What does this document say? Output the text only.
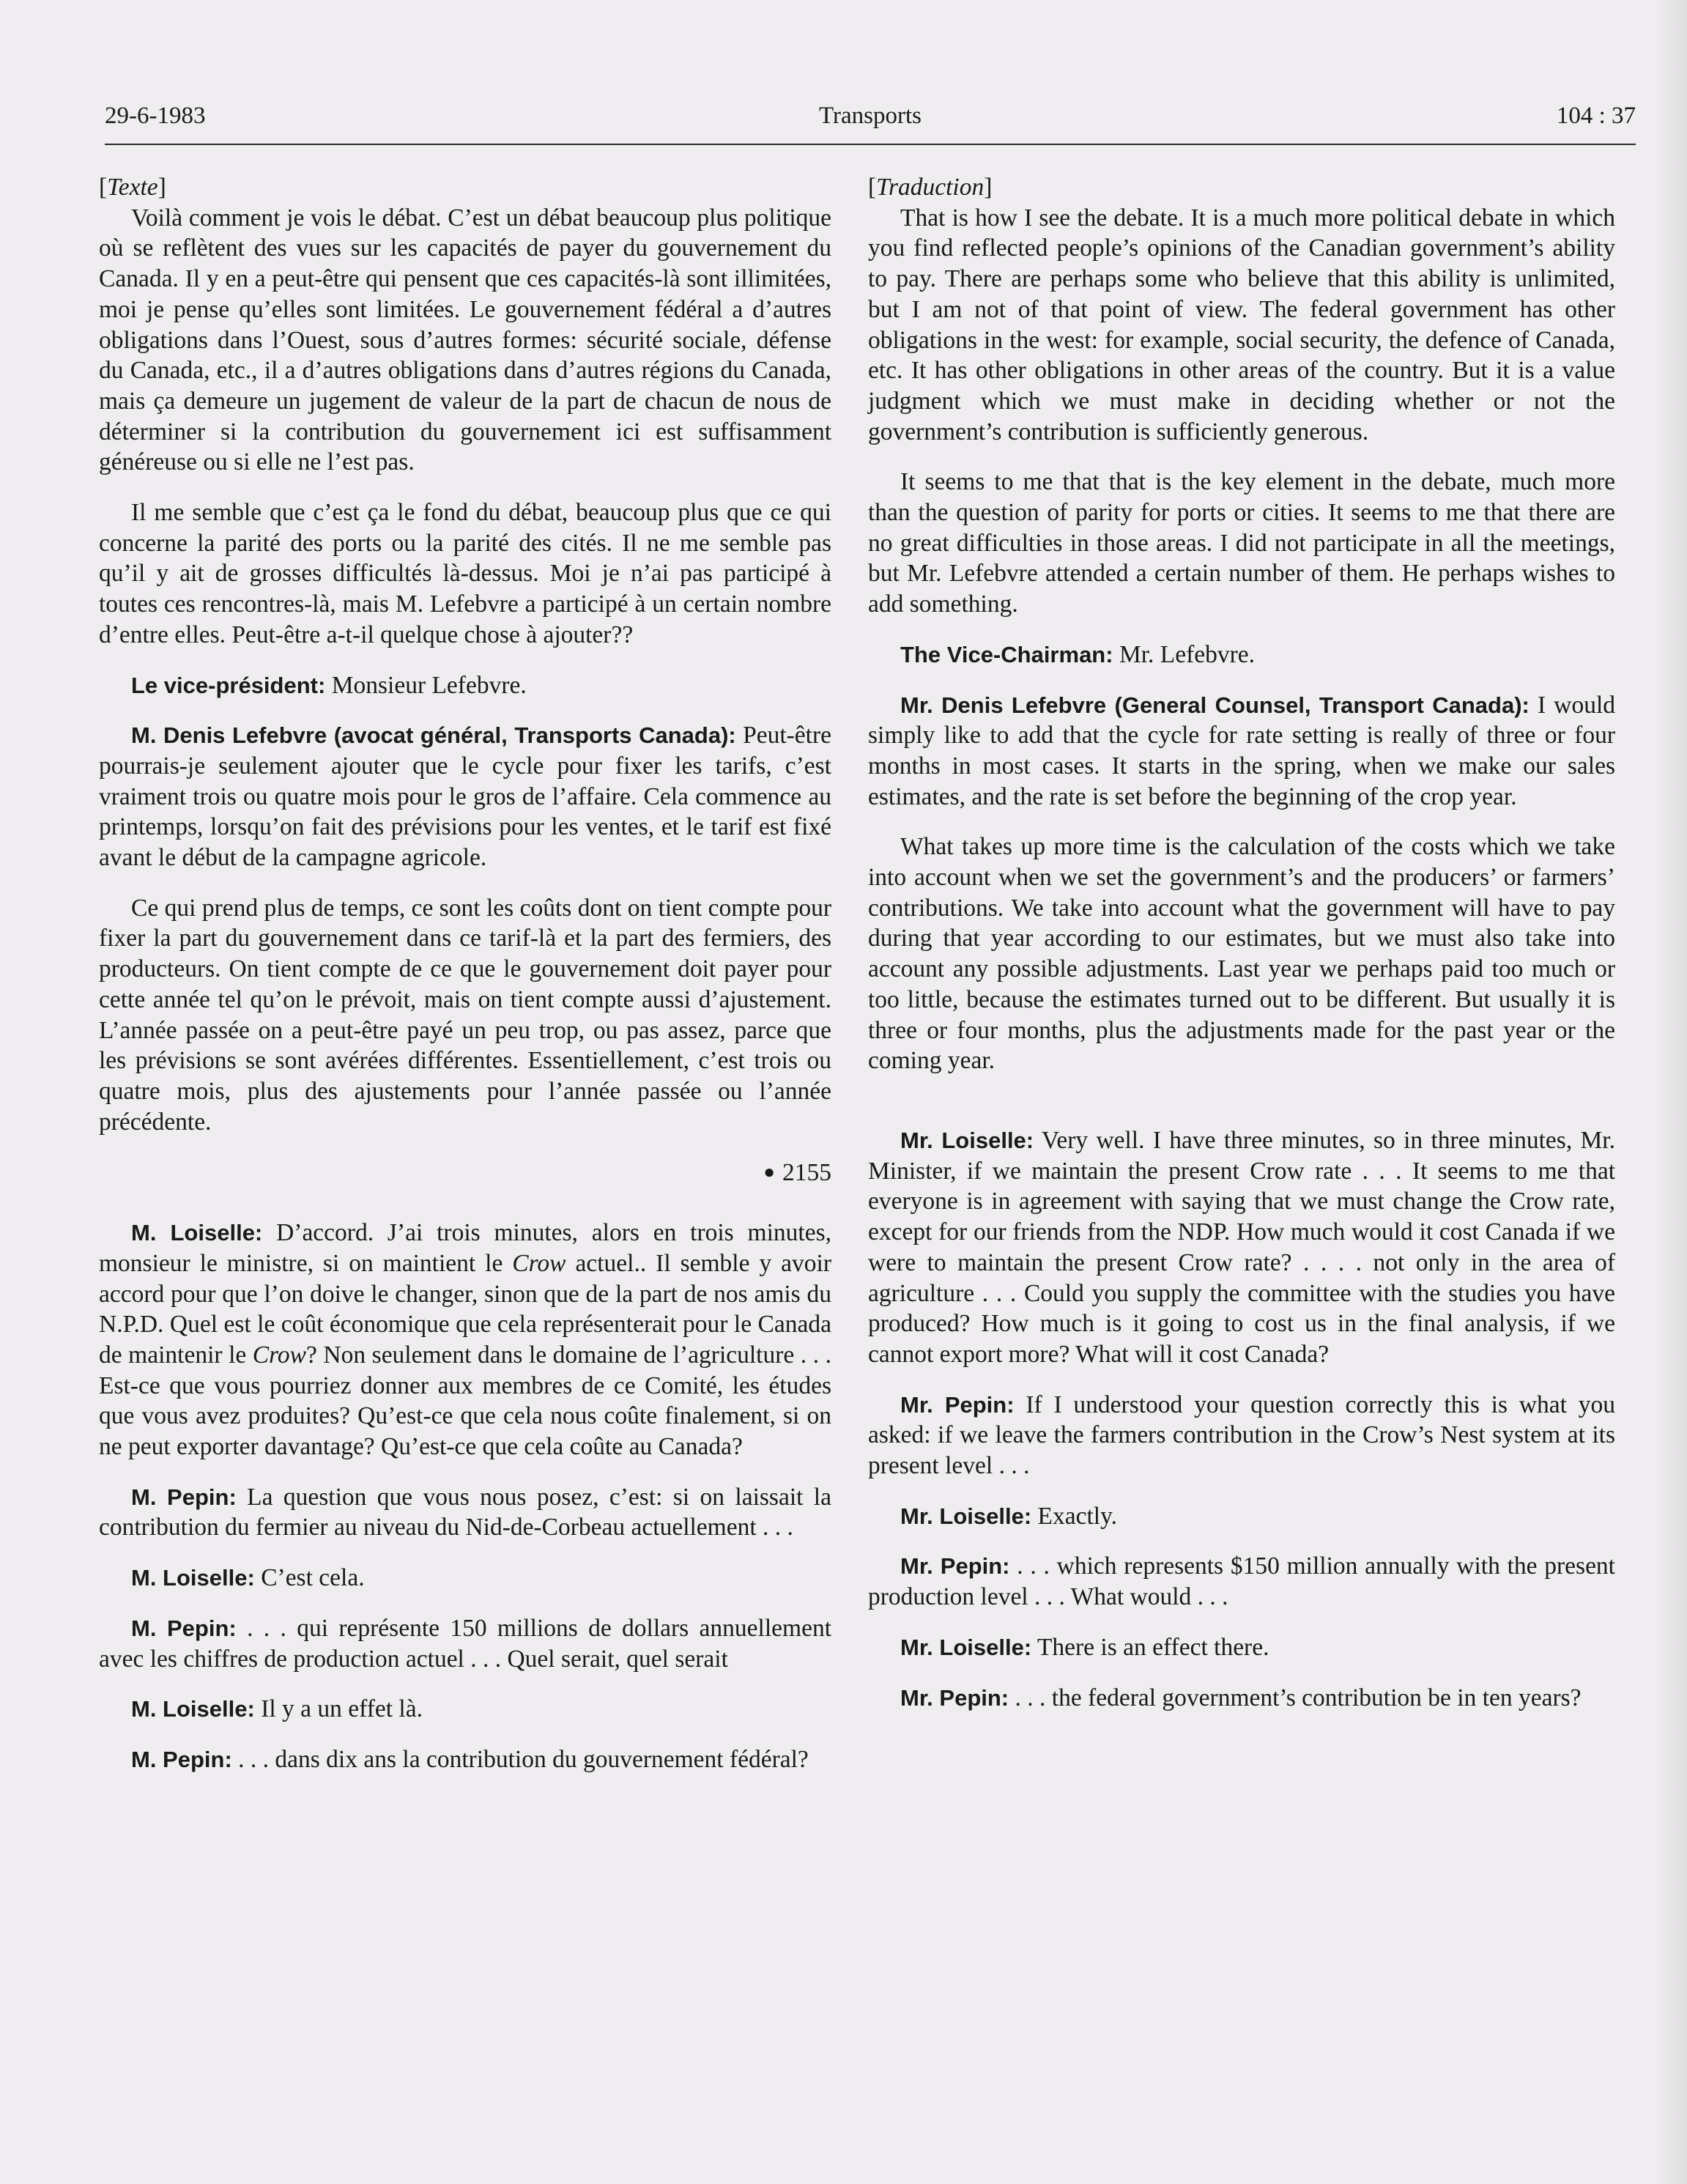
29-6-1983	Transports	104 : 37

[Texte]

Voilà comment je vois le débat. C’est un débat beaucoup plus politique où se reflètent des vues sur les capacités de payer du gouvernement du Canada. Il y en a peut-être qui pensent que ces capacités-là sont illimitées, moi je pense qu’elles sont limitées. Le gouvernement fédéral a d’autres obligations dans l’Ouest, sous d’autres formes: sécurité sociale, défense du Canada, etc., il a d’autres obligations dans d’autres régions du Canada, mais ça demeure un jugement de valeur de la part de chacun de nous de déterminer si la contribution du gouvernement ici est suffisamment généreuse ou si elle ne l’est pas.

Il me semble que c’est ça le fond du débat, beaucoup plus que ce qui concerne la parité des ports ou la parité des cités. Il ne me semble pas qu’il y ait de grosses difficultés là-dessus. Moi je n’ai pas participé à toutes ces rencontres-là, mais M. Lefebvre a participé à un certain nombre d’entre elles. Peut-être a-t-il quelque chose à ajouter??

Le vice-président: Monsieur Lefebvre.

M. Denis Lefebvre (avocat général, Transports Canada): Peut-être pourrais-je seulement ajouter que le cycle pour fixer les tarifs, c’est vraiment trois ou quatre mois pour le gros de l’affaire. Cela commence au printemps, lorsqu’on fait des prévisions pour les ventes, et le tarif est fixé avant le début de la campagne agricole.

Ce qui prend plus de temps, ce sont les coûts dont on tient compte pour fixer la part du gouvernement dans ce tarif-là et la part des fermiers, des producteurs. On tient compte de ce que le gouvernement doit payer pour cette année tel qu’on le prévoit, mais on tient compte aussi d’ajustement. L’année passée on a peut-être payé un peu trop, ou pas assez, parce que les prévisions se sont avérées différentes. Essentiellement, c’est trois ou quatre mois, plus des ajustements pour l’année passée ou l’année précédente.

● 2155

M. Loiselle: D’accord. J’ai trois minutes, alors en trois minutes, monsieur le ministre, si on maintient le Crow actuel.. Il semble y avoir accord pour que l’on doive le changer, sinon que de la part de nos amis du N.P.D. Quel est le coût économique que cela représenterait pour le Canada de maintenir le Crow? Non seulement dans le domaine de l’agriculture . . . Est-ce que vous pourriez donner aux membres de ce Comité, les études que vous avez produites? Qu’est-ce que cela nous coûte finalement, si on ne peut exporter davantage? Qu’est-ce que cela coûte au Canada?

M. Pepin: La question que vous nous posez, c’est: si on laissait la contribution du fermier au niveau du Nid-de-Corbeau actuellement . . .

M. Loiselle: C’est cela.

M. Pepin: . . . qui représente 150 millions de dollars annuellement avec les chiffres de production actuel . . . Quel serait, quel serait

M. Loiselle: Il y a un effet là.

M. Pepin: . . . dans dix ans la contribution du gouvernement fédéral?

[Traduction]

That is how I see the debate. It is a much more political debate in which you find reflected people’s opinions of the Canadian government’s ability to pay. There are perhaps some who believe that this ability is unlimited, but I am not of that point of view. The federal government has other obligations in the west: for example, social security, the defence of Canada, etc. It has other obligations in other areas of the country. But it is a value judgment which we must make in deciding whether or not the government’s contribution is sufficiently generous.

It seems to me that that is the key element in the debate, much more than the question of parity for ports or cities. It seems to me that there are no great difficulties in those areas. I did not participate in all the meetings, but Mr. Lefebvre attended a certain number of them. He perhaps wishes to add something.

The Vice-Chairman: Mr. Lefebvre.

Mr. Denis Lefebvre (General Counsel, Transport Canada): I would simply like to add that the cycle for rate setting is really of three or four months in most cases. It starts in the spring, when we make our sales estimates, and the rate is set before the beginning of the crop year.

What takes up more time is the calculation of the costs which we take into account when we set the government’s and the producers’ or farmers’ contributions. We take into account what the government will have to pay during that year according to our estimates, but we must also take into account any possible adjustments. Last year we perhaps paid too much or too little, because the estimates turned out to be different. But usually it is three or four months, plus the adjustments made for the past year or the coming year.

Mr. Loiselle: Very well. I have three minutes, so in three minutes, Mr. Minister, if we maintain the present Crow rate . . . It seems to me that everyone is in agreement with saying that we must change the Crow rate, except for our friends from the NDP. How much would it cost Canada if we were to maintain the present Crow rate? . . . . not only in the area of agriculture . . . Could you supply the committee with the studies you have produced? How much is it going to cost us in the final analysis, if we cannot export more? What will it cost Canada?

Mr. Pepin: If I understood your question correctly this is what you asked: if we leave the farmers contribution in the Crow’s Nest system at its present level . . .

Mr. Loiselle: Exactly.

Mr. Pepin: . . . which represents $150 million annually with the present production level . . . What would . . .

Mr. Loiselle: There is an effect there.

Mr. Pepin: . . . the federal government’s contribution be in ten years?
